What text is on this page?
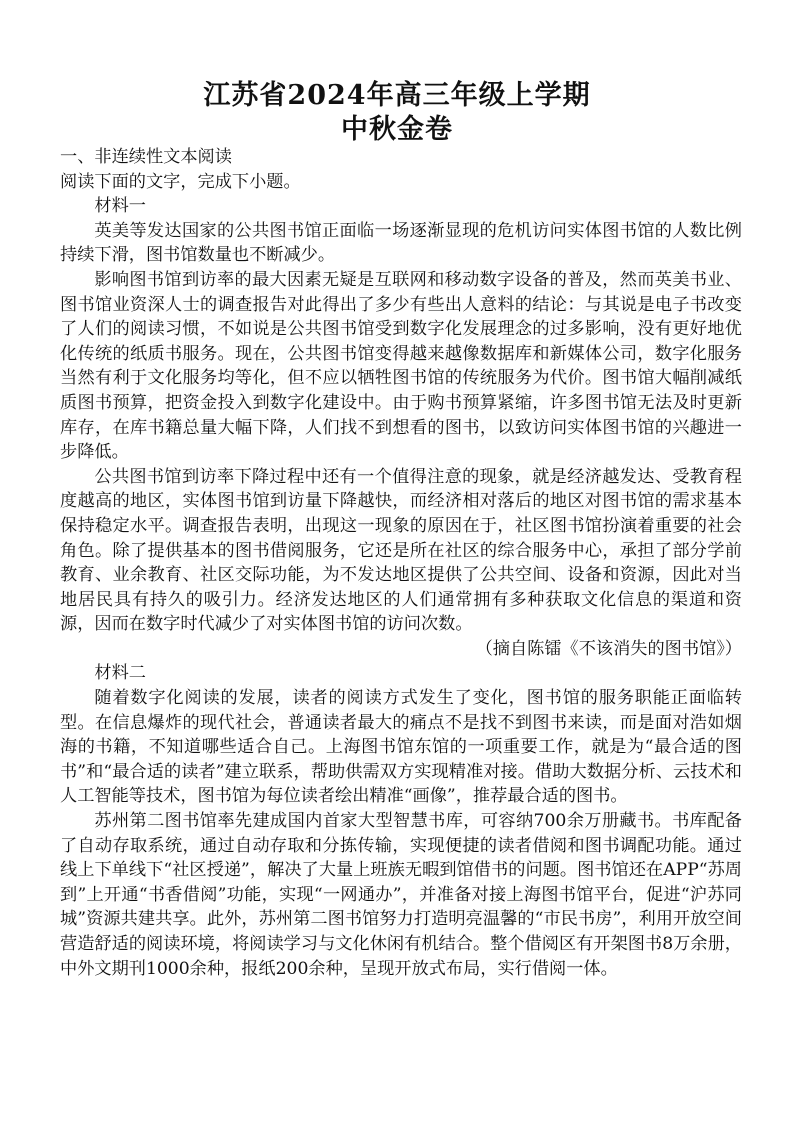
江苏省2024年高三年级上学期
中秋金卷

一、非连续性文本阅读

阅读下面的文字，完成下小题。

材料一

英美等发达国家的公共图书馆正面临一场逐渐显现的危机访问实体图书馆的人数比例持续下滑，图书馆数量也不断减少。

影响图书馆到访率的最大因素无疑是互联网和移动数字设备的普及，然而英美书业、图书馆业资深人士的调查报告对此得出了多少有些出人意料的结论：与其说是电子书改变了人们的阅读习惯，不如说是公共图书馆受到数字化发展理念的过多影响，没有更好地优化传统的纸质书服务。现在，公共图书馆变得越来越像数据库和新媒体公司，数字化服务当然有利于文化服务均等化，但不应以牺牲图书馆的传统服务为代价。图书馆大幅削减纸质图书预算，把资金投入到数字化建设中。由于购书预算紧缩，许多图书馆无法及时更新库存，在库书籍总量大幅下降，人们找不到想看的图书，以致访问实体图书馆的兴趣进一步降低。

公共图书馆到访率下降过程中还有一个值得注意的现象，就是经济越发达、受教育程度越高的地区，实体图书馆到访量下降越快，而经济相对落后的地区对图书馆的需求基本保持稳定水平。调查报告表明，出现这一现象的原因在于，社区图书馆扮演着重要的社会角色。除了提供基本的图书借阅服务，它还是所在社区的综合服务中心，承担了部分学前教育、业余教育、社区交际功能，为不发达地区提供了公共空间、设备和资源，因此对当地居民具有持久的吸引力。经济发达地区的人们通常拥有多种获取文化信息的渠道和资源，因而在数字时代减少了对实体图书馆的访问次数。

（摘自陈镭《不该消失的图书馆》）

材料二

随着数字化阅读的发展，读者的阅读方式发生了变化，图书馆的服务职能正面临转型。在信息爆炸的现代社会，普通读者最大的痛点不是找不到图书来读，而是面对浩如烟海的书籍，不知道哪些适合自己。上海图书馆东馆的一项重要工作，就是为“最合适的图书”和“最合适的读者”建立联系，帮助供需双方实现精准对接。借助大数据分析、云技术和人工智能等技术，图书馆为每位读者绘出精准“画像”，推荐最合适的图书。

苏州第二图书馆率先建成国内首家大型智慧书库，可容纳700余万册藏书。书库配备了自动存取系统，通过自动存取和分拣传输，实现便捷的读者借阅和图书调配功能。通过线上下单线下“社区授递”，解决了大量上班族无暇到馆借书的问题。图书馆还在APP“苏周到”上开通“书香借阅”功能，实现“一网通办”，并准备对接上海图书馆平台，促进“沪苏同城”资源共建共享。此外，苏州第二图书馆努力打造明亮温馨的“市民书房”，利用开放空间营造舒适的阅读环境，将阅读学习与文化休闲有机结合。整个借阅区有开架图书8万余册，中外文期刊1000余种，报纸200余种，呈现开放式布局，实行借阅一体。
